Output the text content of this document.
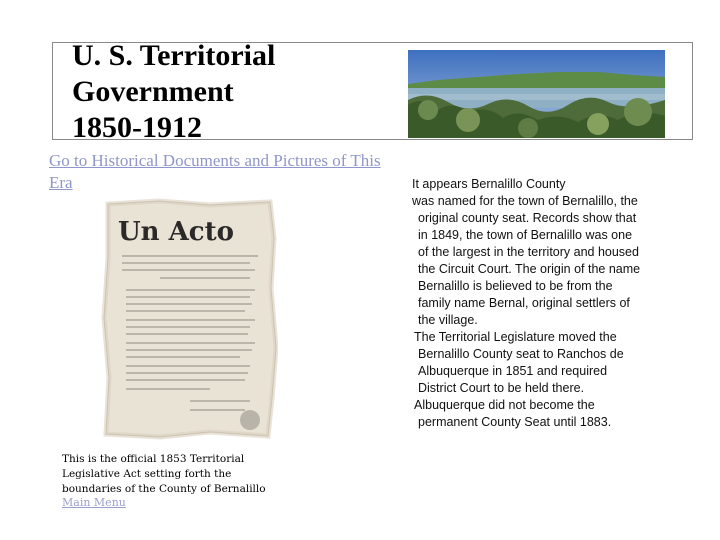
U. S. Territorial
Government
1850-1912
Go to Historical Documents and Pictures of This Era
Un Acto
This is the official 1853 Territorial
Legislative Act setting forth the
boundaries of the County of Bernalillo
Main Menu
It appears Bernalillo County
was named for the town of Bernalillo, the
original county seat. Records show that
in 1849, the town of Bernalillo was one
of the largest in the territory and housed
the Circuit Court. The origin of the name
Bernalillo is believed to be from the
family name Bernal, original settlers of
the village.
The Territorial Legislature moved the
Bernalillo County seat to Ranchos de
Albuquerque in 1851 and required
District Court to be held there.
Albuquerque did not become the
permanent County Seat until 1883.
